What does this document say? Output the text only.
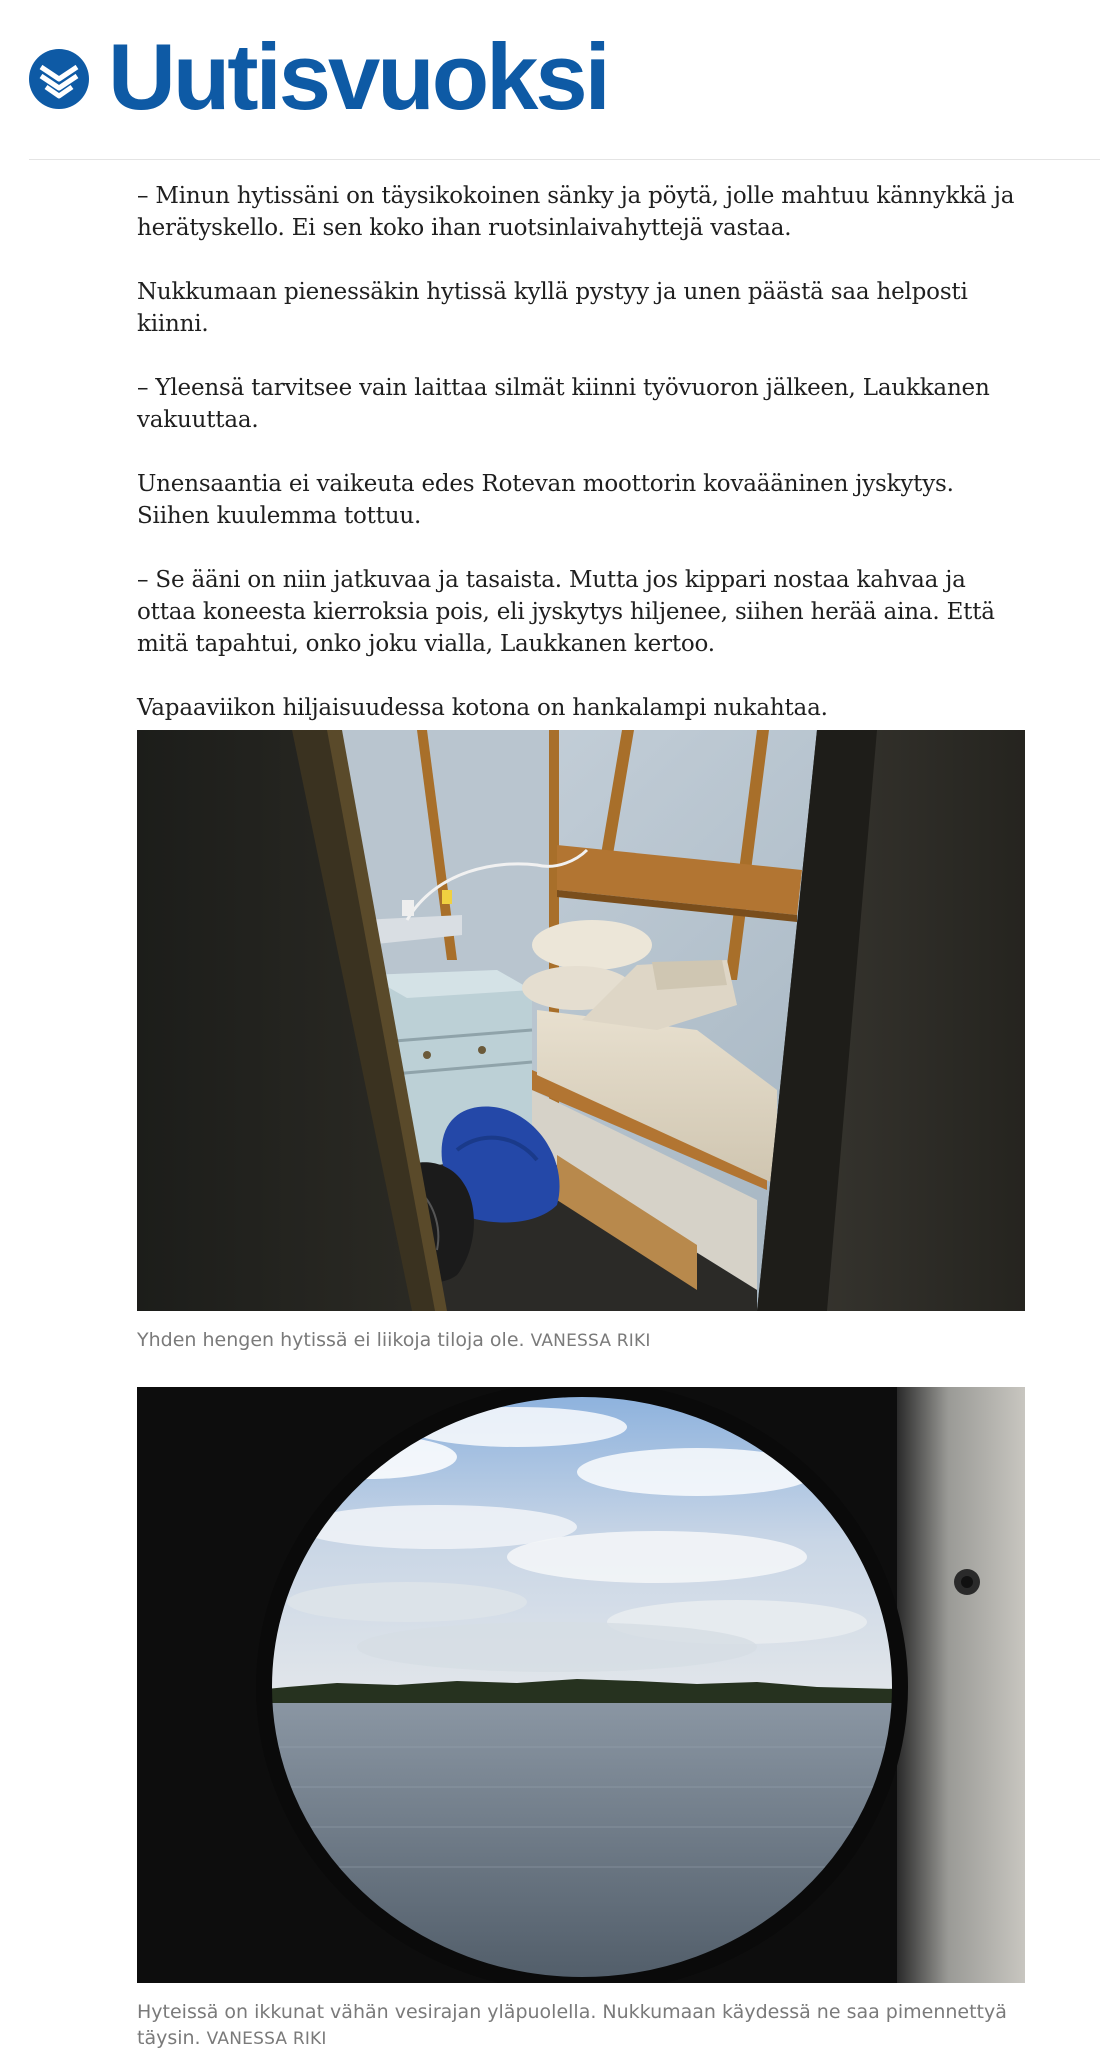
Uutisvuoksi

– Minun hytissäni on täysikokoinen sänky ja pöytä, jolle mahtuu kännykkä ja herätyskello. Ei sen koko ihan ruotsinlaivahyttejä vastaa.

Nukkumaan pienessäkin hytissä kyllä pystyy ja unen päästä saa helposti kiinni.

– Yleensä tarvitsee vain laittaa silmät kiinni työvuoron jälkeen, Laukkanen vakuuttaa.

Unensaantia ei vaikeuta edes Rotevan moottorin kovaääninen jyskytys. Siihen kuulemma tottuu.

– Se ääni on niin jatkuvaa ja tasaista. Mutta jos kippari nostaa kahvaa ja ottaa koneesta kierroksia pois, eli jyskytys hiljenee, siihen herää aina. Että mitä tapahtui, onko joku vialla, Laukkanen kertoo.

Vapaaviikon hiljaisuudessa kotona on hankalampi nukahtaa.

Yhden hengen hytissä ei liikoja tiloja ole. VANESSA RIKI
Hyteissä on ikkunat vähän vesirajan yläpuolella. Nukkumaan käydessä ne saa pimennettyä täysin. VANESSA RIKI
